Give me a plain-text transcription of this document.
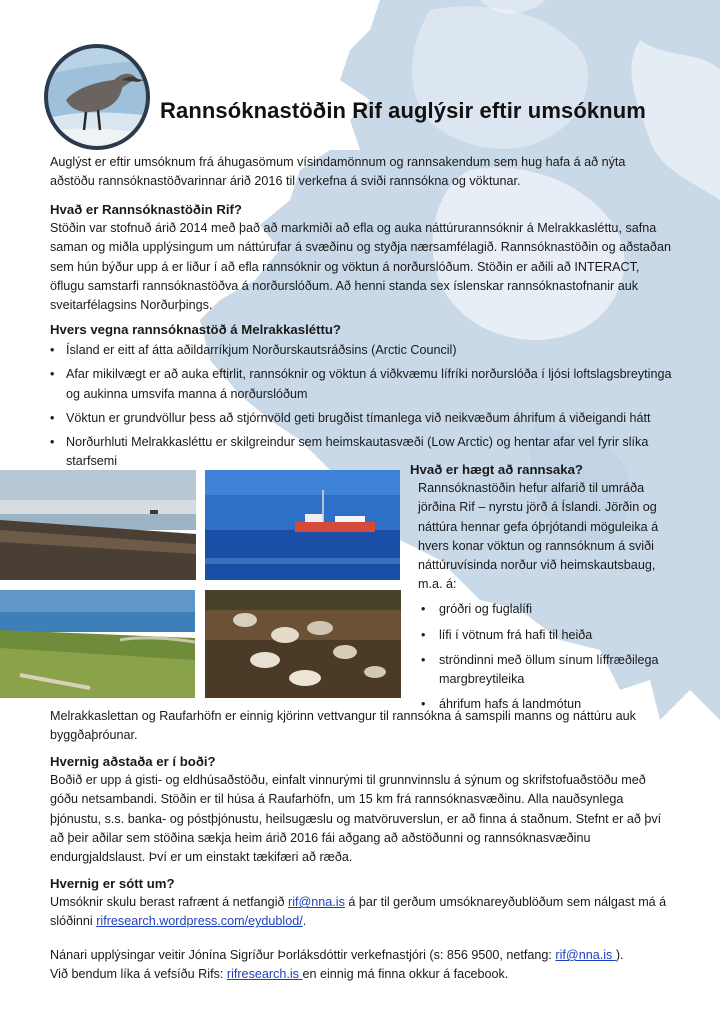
Rannsóknastöðin Rif auglýsir eftir umsóknum

Auglýst er eftir umsóknum frá áhugasömum vísindamönnum og rannsakendum sem hug hafa á að nýta aðstöðu rannsóknastöðvarinnar árið 2016 til verkefna á sviði rannsókna og vöktunar.

Hvað er Rannsóknastöðin Rif?

Stöðin var stofnuð árið 2014 með það að markmiði að efla og auka náttúrurannsóknir á Melrakkasléttu, safna saman og miðla upplýsingum um náttúrufar á svæðinu og styðja nærsamfélagið. Rannsóknastöðin og aðstaðan sem hún býður upp á er liður í að efla rannsóknir og vöktun á norðurslóðum. Stöðin er aðili að INTERACT, öflugu samstarfi rannsóknastöðva á norðurslóðum. Að henni standa sex íslenskar rannsóknastofnanir auk sveitarfélagsins Norðurþings.

Hvers vegna rannsóknastöð á Melrakkasléttu?
• Ísland er eitt af átta aðildarríkjum Norðurskautsráðsins (Arctic Council)
• Afar mikilvægt er að auka eftirlit, rannsóknir og vöktun á viðkvæmu lífríki norðurslóða í ljósi loftslagsbreytinga og aukinna umsvifa manna á norðurslóðum
• Vöktun er grundvöllur þess að stjórnvöld geti brugðist tímanlega við neikvæðum áhrifum á viðeigandi hátt
• Norðurhluti Melrakkasléttu er skilgreindur sem heimskautasvæði (Low Arctic) og hentar afar vel fyrir slíka starfsemi
Hvað er hægt að rannsaka?

Rannsóknastöðin hefur alfarið til umráða jörðina Rif – nyrstu jörð á Íslandi. Jörðin og náttúra hennar gefa óþrjótandi möguleika á hvers konar vöktun og rannsóknum á sviði náttúruvísinda norður við heimskautsbaug, m.a. á:

• gróðri og fuglalífi
• lífi í vötnum frá hafi til heiða
• ströndinni með öllum sínum líffræðilega margbreytileika
• áhrifum hafs á landmótun

Melrakkaslettan og Raufarhöfn er einnig kjörinn vettvangur til rannsókna á samspili manns og náttúru auk byggðaþróunar.

Hvernig aðstaða er í boði?

Boðið er upp á gisti- og eldhúsaðstöðu, einfalt vinnurými til grunnvinnslu á sýnum og skrifstofuaðstöðu með góðu netsambandi. Stöðin er til húsa á Raufarhöfn, um 15 km frá rannsóknasvæðinu. Alla nauðsynlega þjónustu, s.s. banka- og póstþjónustu, heilsugæslu og matvöruverslun, er að finna á staðnum. Stefnt er að því að þeir aðilar sem stöðina sækja heim árið 2016 fái aðgang að aðstöðunni og rannsóknasvæðinu endurgjaldslaust. Því er um einstakt tækifæri að ræða.

Hvernig er sótt um?

Umsóknir skulu berast rafrænt á netfangið rif@nna.is á þar til gerðum umsóknareyðublöðum sem nálgast má á slóðinni rifresearch.wordpress.com/eydublod/.

Nánari upplýsingar veitir Jónína Sigríður Þorláksdóttir verkefnastjóri (s: 856 9500, netfang: rif@nna.is ).

Við bendum líka á vefsíðu Rifs: rifresearch.is en einnig má finna okkur á facebook.
